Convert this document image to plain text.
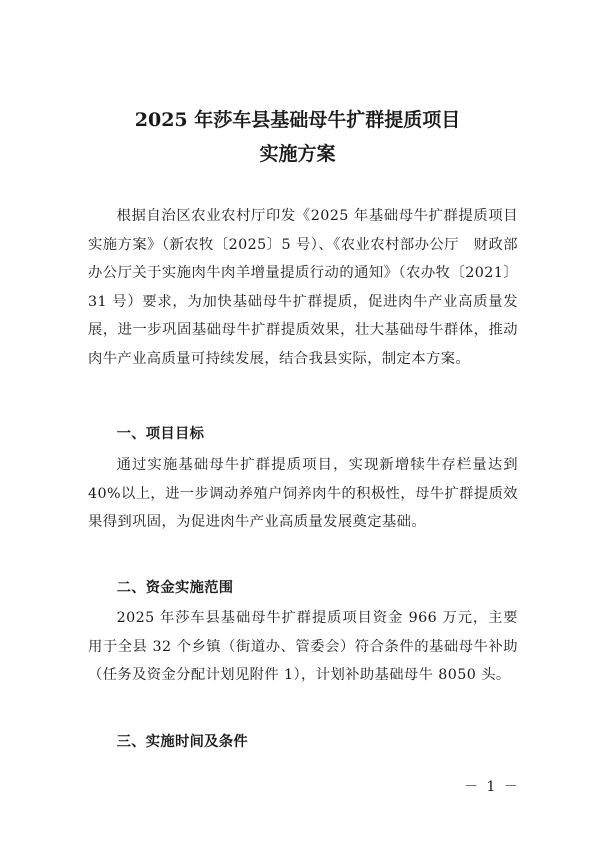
2025 年莎车县基础母牛扩群提质项目
实施方案

根据自治区农业农村厅印发《2025 年基础母牛扩群提质项目实施方案》（新农牧〔2025〕5 号）、《农业农村部办公厅　财政部办公厅关于实施肉牛肉羊增量提质行动的通知》（农办牧〔2021〕31 号）要求，为加快基础母牛扩群提质，促进肉牛产业高质量发展，进一步巩固基础母牛扩群提质效果，壮大基础母牛群体，推动肉牛产业高质量可持续发展，结合我县实际，制定本方案。

一、项目目标

通过实施基础母牛扩群提质项目，实现新增犊牛存栏量达到 40%以上，进一步调动养殖户饲养肉牛的积极性，母牛扩群提质效果得到巩固，为促进肉牛产业高质量发展奠定基础。

二、资金实施范围

2025 年莎车县基础母牛扩群提质项目资金 966 万元，主要用于全县 32 个乡镇（街道办、管委会）符合条件的基础母牛补助（任务及资金分配计划见附件 1），计划补助基础母牛 8050 头。

三、实施时间及条件

－ 1 －
